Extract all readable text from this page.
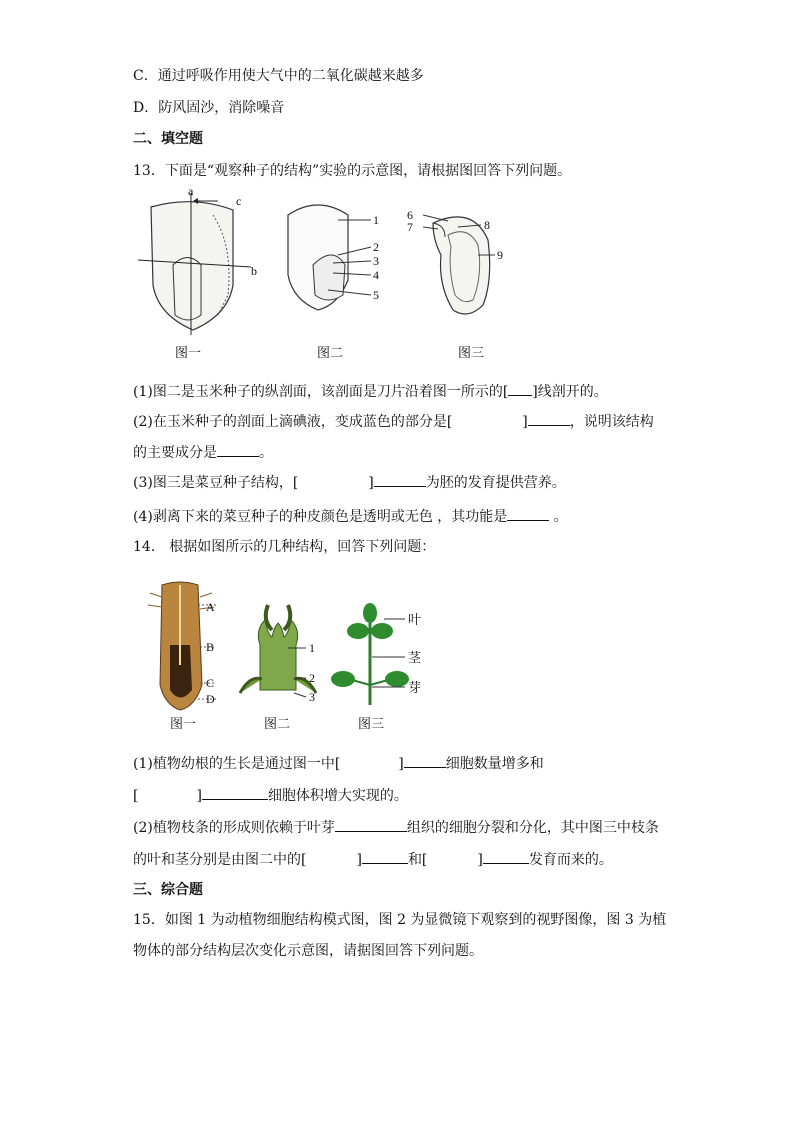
C．通过呼吸作用使大气中的二氧化碳越来越多
D．防风固沙，消除噪音
二、填空题
13．下面是“观察种子的结构”实验的示意图，请根据图回答下列问题。
a
b
c
图一
1
2
3
4
5
图二
6
7	8
9
图三
(1)图二是玉米种子的纵剖面，该剖面是刀片沿着图一所示的[ ]线剖开的。
(2)在玉米种子的剖面上滴碘液，变成蓝色的部分是[	]	，说明该结构
的主要成分是	。
(3)图三是菜豆种子结构，[	]	为胚的发育提供营养。
(4)剥离下来的菜豆种子的种皮颜色是透明或无色 ，其功能是	。
14． 根据如图所示的几种结构，回答下列问题：
A
B
C
D
图一
1
2
3
图二
叶
茎
芽
图三
(1)植物幼根的生长是通过图一中[	]	细胞数量增多和
[	]	细胞体积增大实现的。
(2)植物枝条的形成则依赖于叶芽	组织的细胞分裂和分化，其中图三中枝条
的叶和茎分别是由图二中的[	]	和[	]	发育而来的。
三、综合题
15．如图 1 为动植物细胞结构模式图，图 2 为显微镜下观察到的视野图像，图 3 为植
物体的部分结构层次变化示意图，请据图回答下列问题。
